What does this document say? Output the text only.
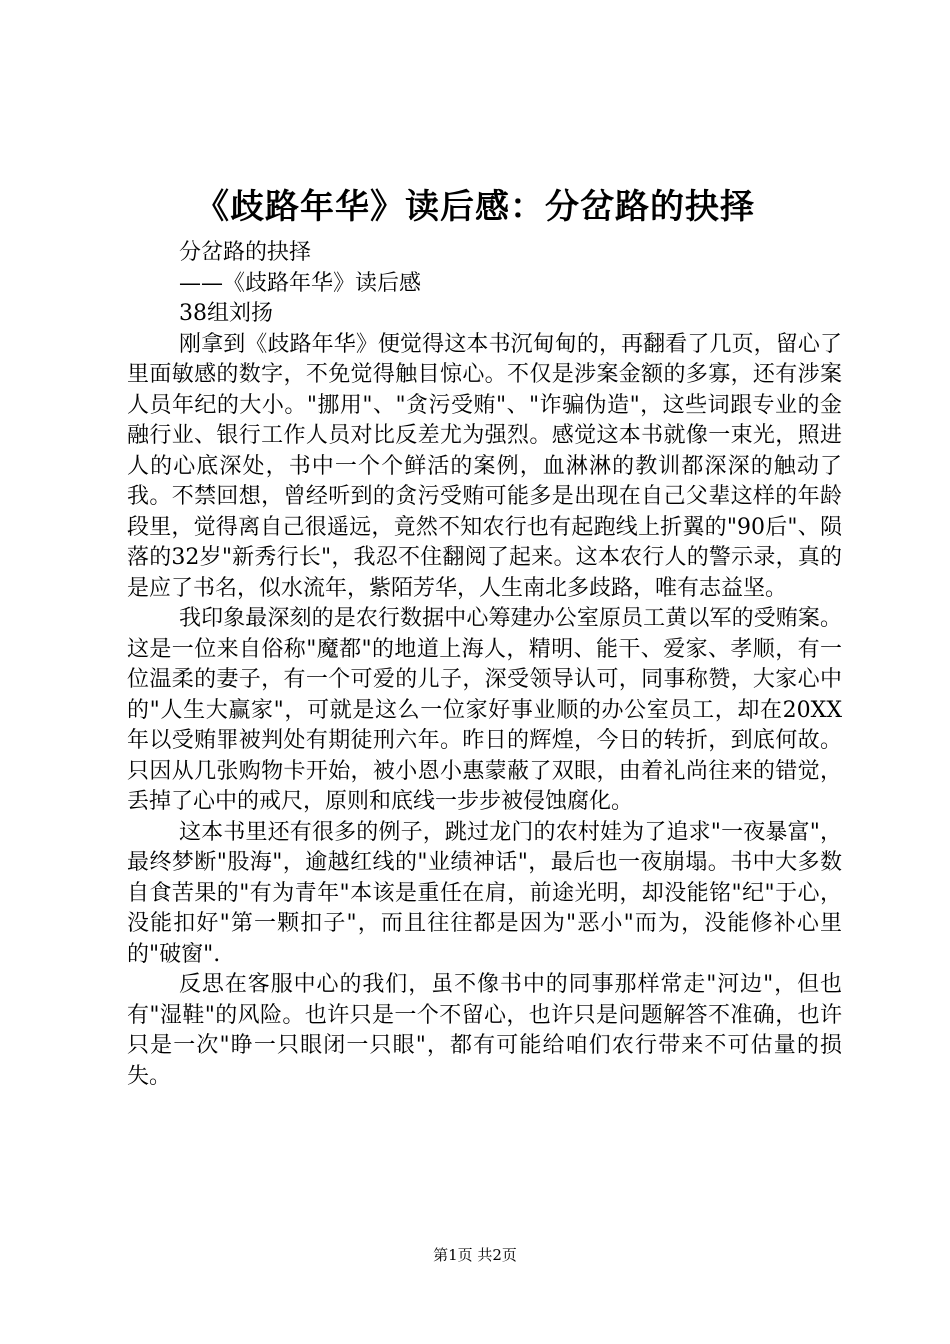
《歧路年华》读后感：分岔路的抉择

分岔路的抉择

——《歧路年华》读后感

38组刘扬

刚拿到《歧路年华》便觉得这本书沉甸甸的，再翻看了几页，留心了里面敏感的数字，不免觉得触目惊心。不仅是涉案金额的多寡，还有涉案人员年纪的大小。"挪用"、"贪污受贿"、"诈骗伪造"，这些词跟专业的金融行业、银行工作人员对比反差尤为强烈。感觉这本书就像一束光，照进人的心底深处，书中一个个鲜活的案例，血淋淋的教训都深深的触动了我。不禁回想，曾经听到的贪污受贿可能多是出现在自己父辈这样的年龄段里，觉得离自己很遥远，竟然不知农行也有起跑线上折翼的"90后"、陨落的32岁"新秀行长"，我忍不住翻阅了起来。这本农行人的警示录，真的是应了书名，似水流年，紫陌芳华，人生南北多歧路，唯有志益坚。

我印象最深刻的是农行数据中心筹建办公室原员工黄以军的受贿案。这是一位来自俗称"魔都"的地道上海人，精明、能干、爱家、孝顺，有一位温柔的妻子，有一个可爱的儿子，深受领导认可，同事称赞，大家心中的"人生大赢家"，可就是这么一位家好事业顺的办公室员工，却在20XX年以受贿罪被判处有期徒刑六年。昨日的辉煌，今日的转折，到底何故。只因从几张购物卡开始，被小恩小惠蒙蔽了双眼，由着礼尚往来的错觉，丢掉了心中的戒尺，原则和底线一步步被侵蚀腐化。

这本书里还有很多的例子，跳过龙门的农村娃为了追求"一夜暴富"，最终梦断"股海"，逾越红线的"业绩神话"，最后也一夜崩塌。书中大多数自食苦果的"有为青年"本该是重任在肩，前途光明，却没能铭"纪"于心，没能扣好"第一颗扣子"，而且往往都是因为"恶小"而为，没能修补心里的"破窗".

反思在客服中心的我们，虽不像书中的同事那样常走"河边"，但也有"湿鞋"的风险。也许只是一个不留心，也许只是问题解答不准确，也许只是一次"睁一只眼闭一只眼"，都有可能给咱们农行带来不可估量的损失。

第1页 共2页
